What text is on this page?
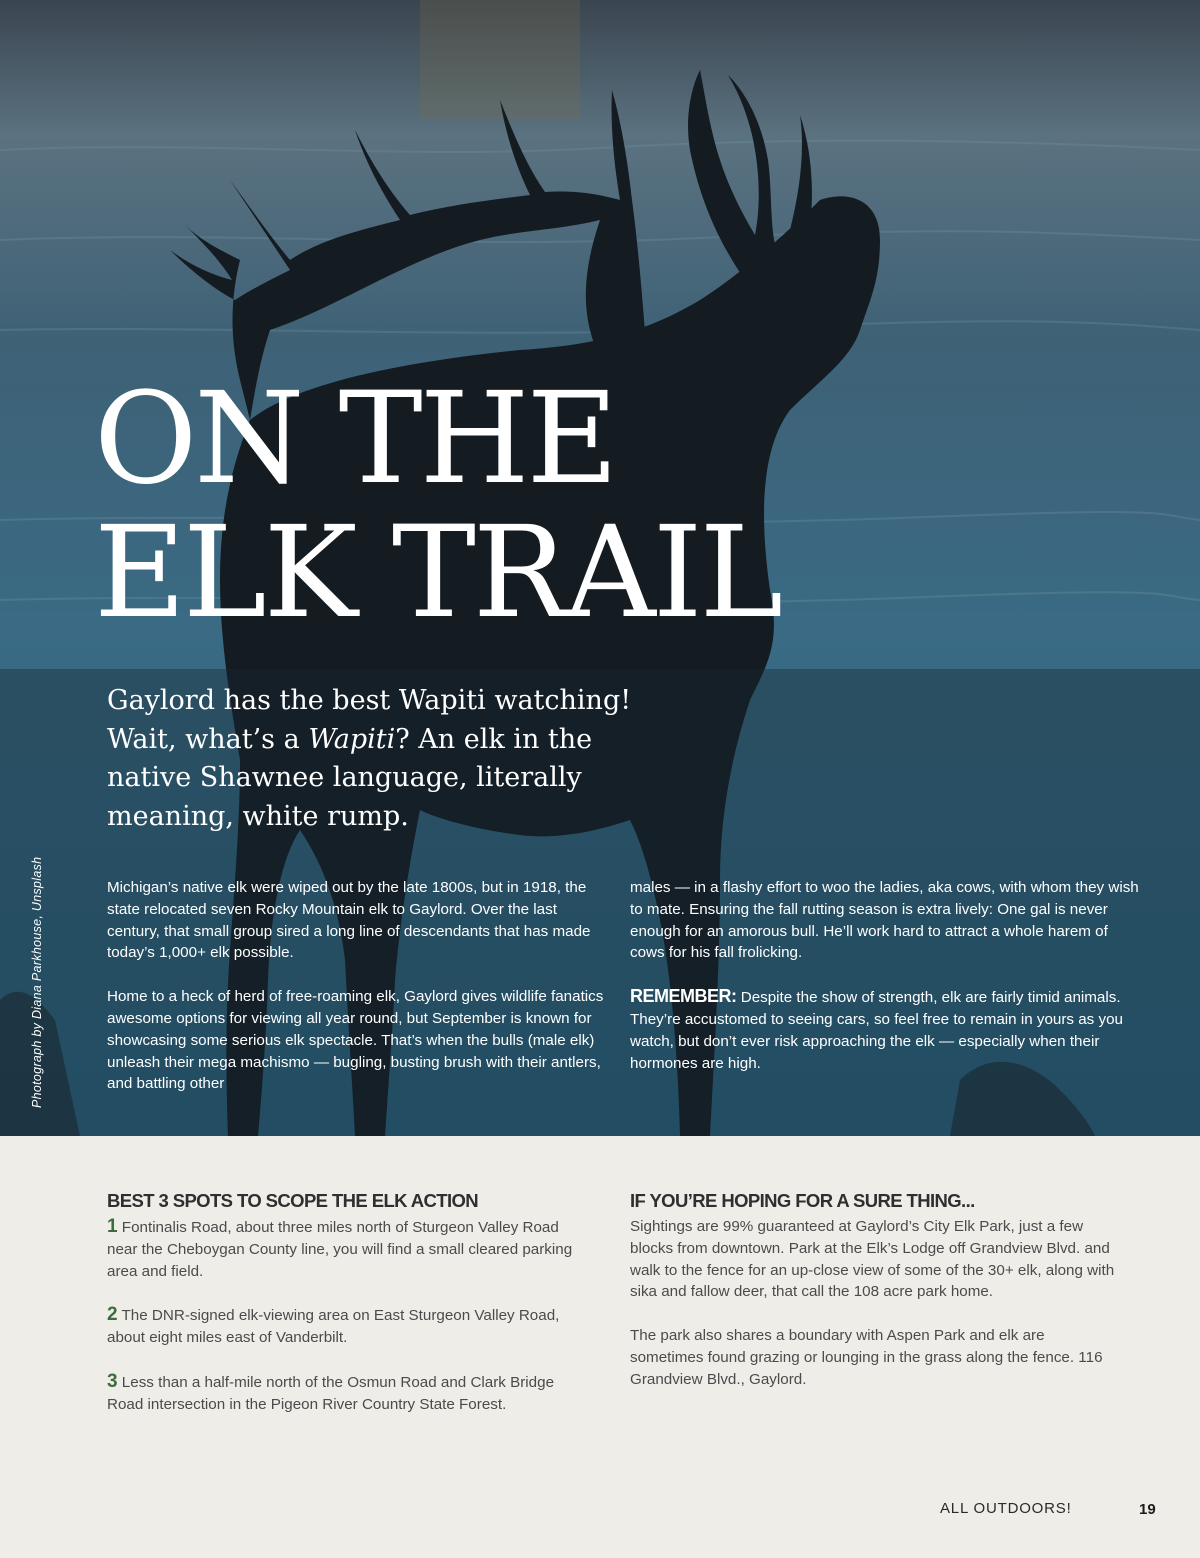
ON THE
ELK TRAIL

Gaylord has the best Wapiti watching! Wait, what’s a Wapiti? An elk in the native Shawnee language, literally meaning, white rump.

Photograph by Diana Parkhouse, Unsplash	Michigan’s native elk were wiped out by the late 1800s, but in 1918, the state relocated seven Rocky Mountain elk to Gaylord. Over the last century, that small group sired a long line of descendants that has made today’s 1,000+ elk possible.

Home to a heck of herd of free-roaming elk, Gaylord gives wildlife fanatics awesome options for viewing all year round, but September is known for showcasing some serious elk spectacle. That’s when the bulls (male elk) unleash their mega machismo — bugling, busting brush with their antlers, and battling other

males — in a flashy effort to woo the ladies, aka cows, with whom they wish to mate. Ensuring the fall rutting season is extra lively: One gal is never enough for an amorous bull. He’ll work hard to attract a whole harem of cows for his fall frolicking.

REMEMBER: Despite the show of strength, elk are fairly timid animals. They’re accustomed to seeing cars, so feel free to remain in yours as you watch, but don’t ever risk approaching the elk — especially when their hormones are high.

BEST 3 SPOTS TO SCOPE THE ELK ACTION

1 Fontinalis Road, about three miles north of Sturgeon Valley Road near the Cheboygan County line, you will find a small cleared parking area and field.

2 The DNR-signed elk-viewing area on East Sturgeon Valley Road, about eight miles east of Vanderbilt.

3 Less than a half-mile north of the Osmun Road and Clark Bridge Road intersection in the Pigeon River Country State Forest.

IF YOU’RE HOPING FOR A SURE THING...

Sightings are 99% guaranteed at Gaylord’s City Elk Park, just a few blocks from downtown. Park at the Elk’s Lodge off Grandview Blvd. and walk to the fence for an up-close view of some of the 30+ elk, along with sika and fallow deer, that call the 108 acre park home.

The park also shares a boundary with Aspen Park and elk are sometimes found grazing or lounging in the grass along the fence. 116 Grandview Blvd., Gaylord.

ALL OUTDOORS!	19
